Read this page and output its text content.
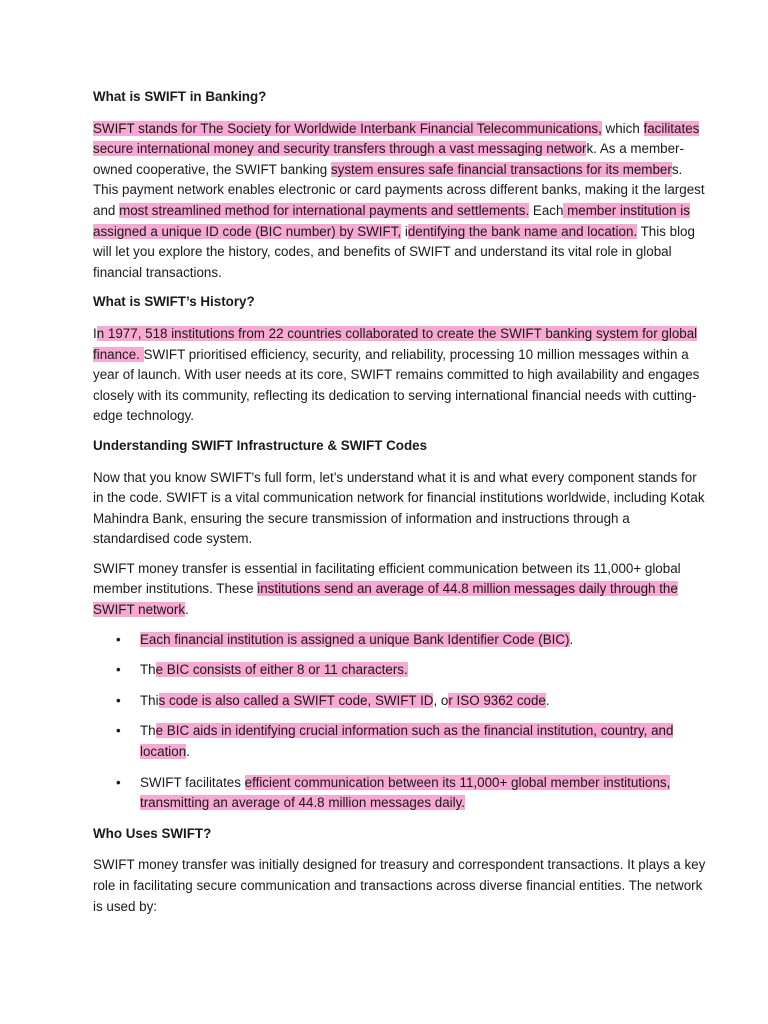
What is SWIFT in Banking?

SWIFT stands for The Society for Worldwide Interbank Financial Telecommunications, which facilitates secure international money and security transfers through a vast messaging network. As a member-owned cooperative, the SWIFT banking system ensures safe financial transactions for its members. This payment network enables electronic or card payments across different banks, making it the largest and most streamlined method for international payments and settlements. Each member institution is assigned a unique ID code (BIC number) by SWIFT, identifying the bank name and location. This blog will let you explore the history, codes, and benefits of SWIFT and understand its vital role in global financial transactions.

What is SWIFT’s History?

In 1977, 518 institutions from 22 countries collaborated to create the SWIFT banking system for global finance. SWIFT prioritised efficiency, security, and reliability, processing 10 million messages within a year of launch. With user needs at its core, SWIFT remains committed to high availability and engages closely with its community, reflecting its dedication to serving international financial needs with cutting-edge technology.

Understanding SWIFT Infrastructure & SWIFT Codes

Now that you know SWIFT's full form, let’s understand what it is and what every component stands for in the code. SWIFT is a vital communication network for financial institutions worldwide, including Kotak Mahindra Bank, ensuring the secure transmission of information and instructions through a standardised code system.

SWIFT money transfer is essential in facilitating efficient communication between its 11,000+ global member institutions. These institutions send an average of 44.8 million messages daily through the SWIFT network.

• Each financial institution is assigned a unique Bank Identifier Code (BIC).
• The BIC consists of either 8 or 11 characters.
• This code is also called a SWIFT code, SWIFT ID, or ISO 9362 code.
• The BIC aids in identifying crucial information such as the financial institution, country, and location.
• SWIFT facilitates efficient communication between its 11,000+ global member institutions, transmitting an average of 44.8 million messages daily.
Who Uses SWIFT?

SWIFT money transfer was initially designed for treasury and correspondent transactions. It plays a key role in facilitating secure communication and transactions across diverse financial entities. The network is used by:
